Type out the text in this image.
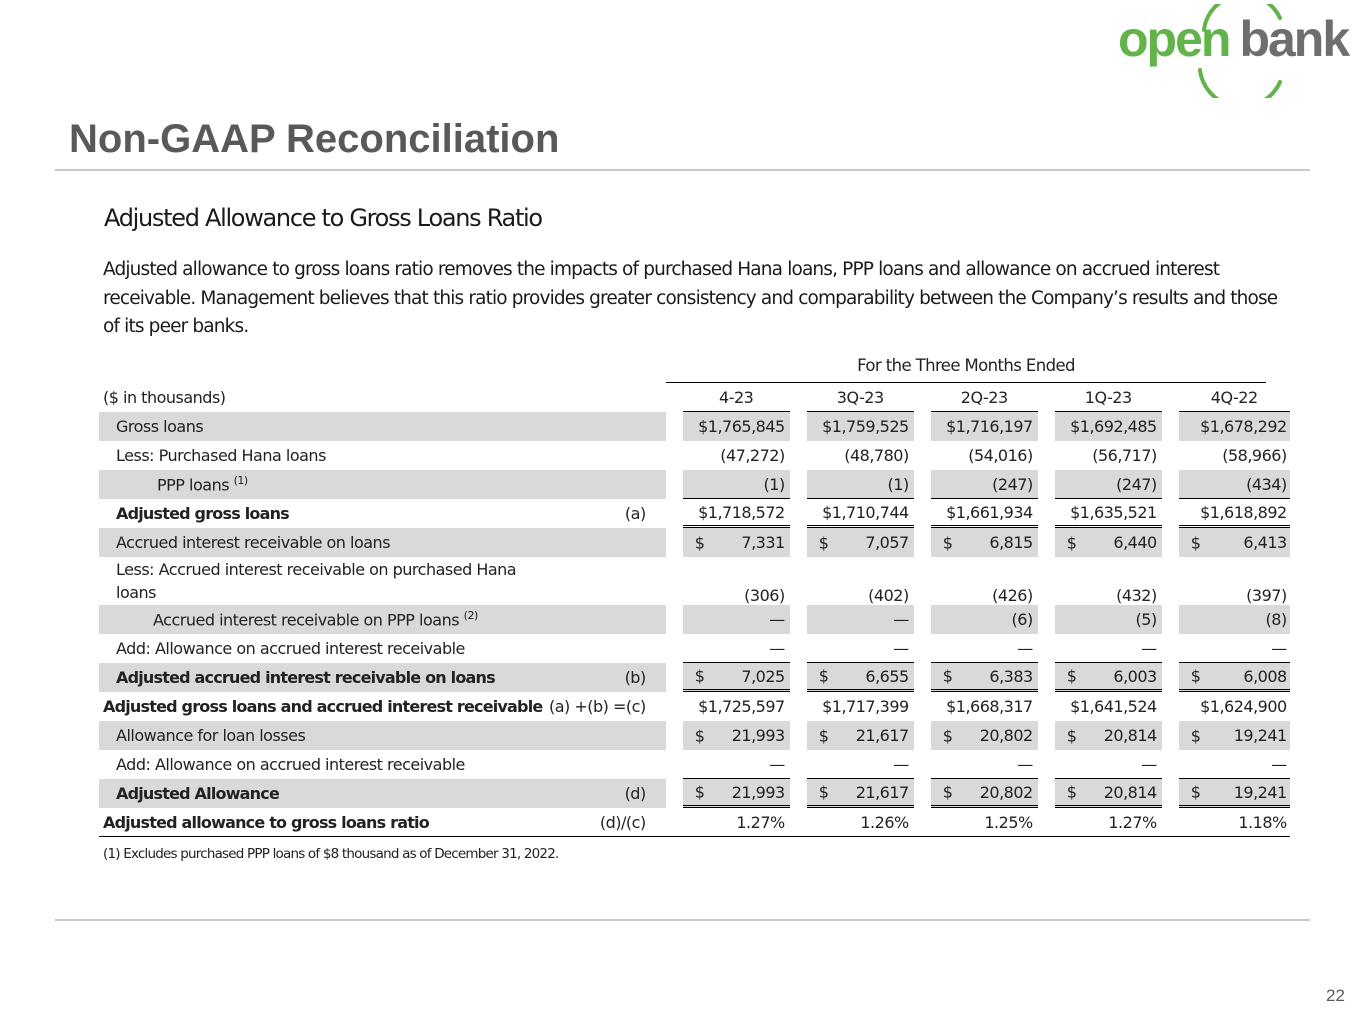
open bank
Non-GAAP Reconciliation
Adjusted Allowance to Gross Loans Ratio

Adjusted allowance to gross loans ratio removes the impacts of purchased Hana loans, PPP loans and allowance on accrued interest receivable. Management believes that this ratio provides greater consistency and comparability between the Company’s results and those of its peer banks.

For the Three Months Ended
($ in thousands)			4-23		3Q-23		2Q-23		1Q-23		4Q-22
Gross loans			$1,765,845		$1,759,525		$1,716,197		$1,692,485		$1,678,292
Less: Purchased Hana loans			(47,272)		(48,780)		(54,016)		(56,717)		(58,966)
PPP loans $^{(1)}$			(1)		(1)		(247)		(247)		(434)
Adjusted gross loans	(a)		$1,718,572		$1,710,744		$1,661,934		$1,635,521		$1,618,892
Accrued interest receivable on loans			$ 7,331		$ 7,057		$ 6,815		$ 6,440		$ 6,413
Less: Accrued interest receivable on purchased Hana loans			(306)		(402)		(426)		(432)		(397)
Accrued interest receivable on PPP loans $^{(2)}$			—		—		(6)		(5)		(8)
Add: Allowance on accrued interest receivable			—		—		—		—		—
Adjusted accrued interest receivable on loans	(b)		$ 7,025		$ 6,655		$ 6,383		$ 6,003		$ 6,008
Adjusted gross loans and accrued interest receivable	(a) +(b) =(c)		$1,725,597		$1,717,399		$1,668,317		$1,641,524		$1,624,900
Allowance for loan losses			$ 21,993		$ 21,617		$ 20,802		$ 20,814		$ 19,241
Add: Allowance on accrued interest receivable			—		—		—		—		—
Adjusted Allowance	(d)		$ 21,993		$ 21,617		$ 20,802		$ 20,814		$ 19,241
Adjusted allowance to gross loans ratio	(d)/(c)		1.27%		1.26%		1.25%		1.27%		1.18%

(1) Excludes purchased PPP loans of $8 thousand as of December 31, 2022.

22
